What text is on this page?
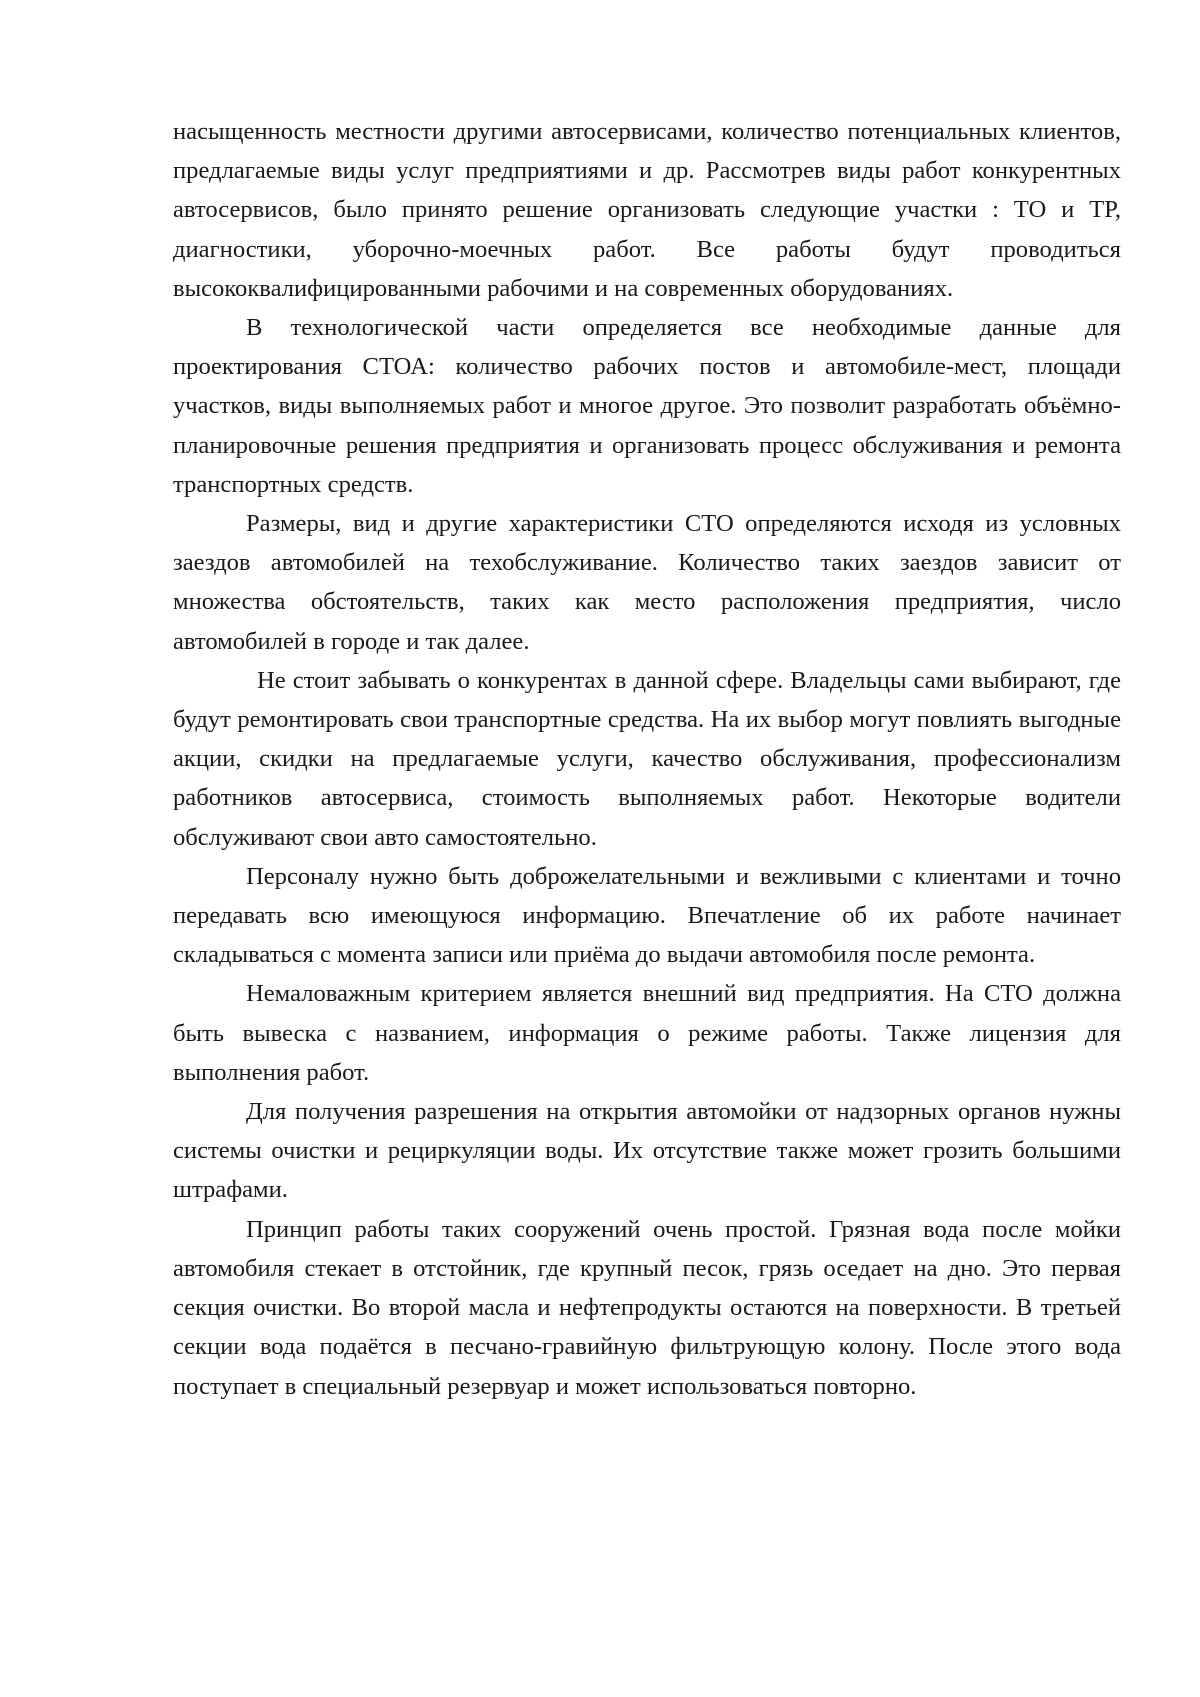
насыщенность местности другими автосервисами, количество потенциальных клиентов, предлагаемые виды услуг предприятиями и др. Рассмотрев виды работ конкурентных автосервисов, было принято решение организовать следующие участки : ТО и ТР, диагностики, уборочно-моечных работ. Все работы будут проводиться высококвалифицированными рабочими и на современных оборудованиях.

В технологической части определяется все необходимые данные для проектирования СТОА: количество рабочих постов и автомобиле-мест, площади участков, виды выполняемых работ и многое другое. Это позволит разработать объёмно-планировочные решения предприятия и организовать процесс обслуживания и ремонта транспортных средств.

Размеры, вид и другие характеристики СТО определяются исходя из условных заездов автомобилей на техобслуживание. Количество таких заездов зависит от множества обстоятельств, таких как место расположения предприятия, число автомобилей в городе и так далее.

Не стоит забывать о конкурентах в данной сфере. Владельцы сами выбирают, где будут ремонтировать свои транспортные средства. На их выбор могут повлиять выгодные акции, скидки на предлагаемые услуги, качество обслуживания, профессионализм работников автосервиса, стоимость выполняемых работ. Некоторые водители обслуживают свои авто самостоятельно.

Персоналу нужно быть доброжелательными и вежливыми с клиентами и точно передавать всю имеющуюся информацию. Впечатление об их работе начинает складываться с момента записи или приёма до выдачи автомобиля после ремонта.

Немаловажным критерием является внешний вид предприятия. На СТО должна быть вывеска с названием, информация о режиме работы. Также лицензия для выполнения работ.

Для получения разрешения на открытия автомойки от надзорных органов нужны системы очистки и рециркуляции воды. Их отсутствие также может грозить большими штрафами.

Принцип работы таких сооружений очень простой. Грязная вода после мойки автомобиля стекает в отстойник, где крупный песок, грязь оседает на дно. Это первая секция очистки. Во второй масла и нефтепродукты остаются на поверхности. В третьей секции вода подаётся в песчано-гравийную фильтрующую колону. После этого вода поступает в специальный резервуар и может использоваться повторно.
